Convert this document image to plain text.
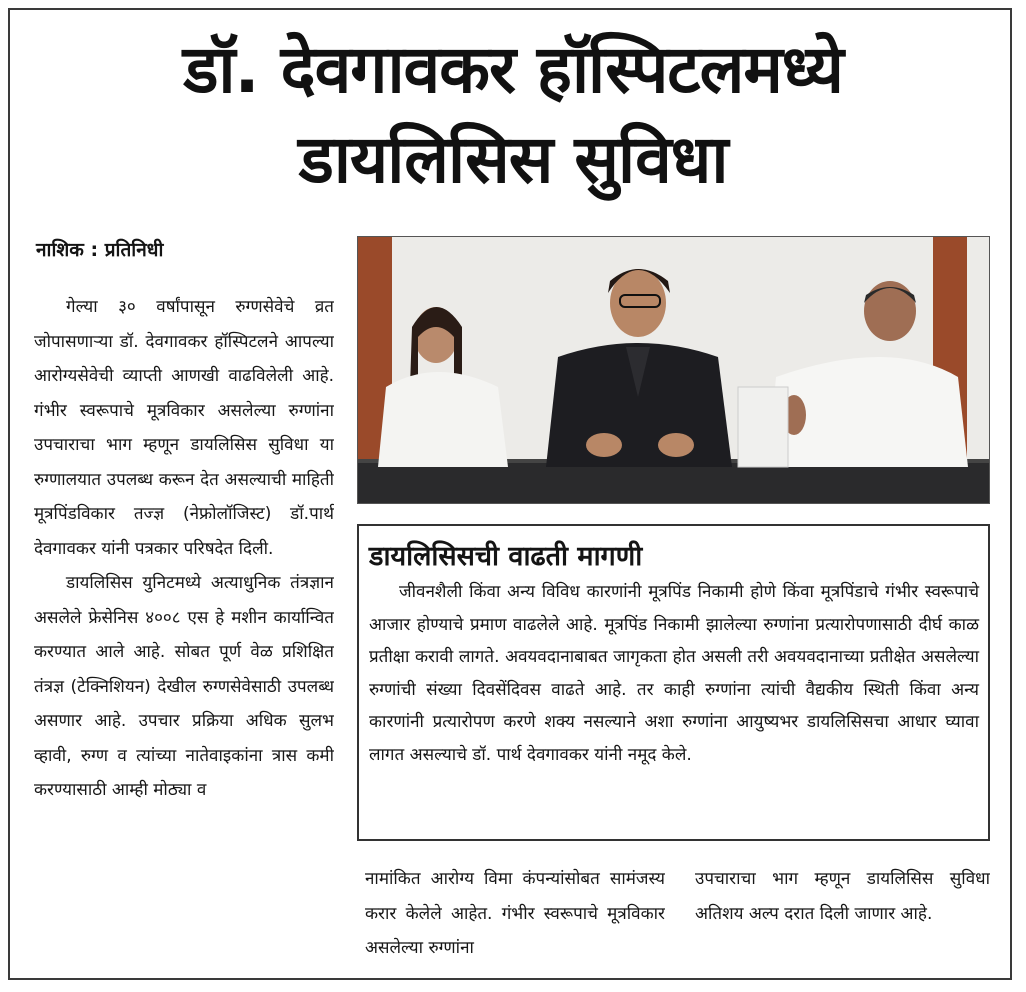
डॉ. देवगावकर हॉस्पिटलमध्ये
डायलिसिस सुविधा
नाशिक : प्रतिनिधी

गेल्या ३० वर्षांपासून रुग्णसेवेचे व्रत जोपासणाऱ्या डॉ. देवगावकर हॉस्पिटलने आपल्या आरोग्यसेवेची व्याप्ती आणखी वाढविलेली आहे. गंभीर स्वरूपाचे मूत्रविकार असलेल्या रुग्णांना उपचाराचा भाग म्हणून डायलिसिस सुविधा या रुग्णालयात उपलब्ध करून देत असल्याची माहिती मूत्रपिंडविकार तज्ज्ञ (नेफ्रोलॉजिस्ट) डॉ.पार्थ देवगावकर यांनी पत्रकार परिषदेत दिली.

डायलिसिस युनिटमध्ये अत्याधुनिक तंत्रज्ञान असलेले फ्रेसेनिस ४००८ एस हे मशीन कार्यान्वित करण्यात आले आहे. सोबत पूर्ण वेळ प्रशिक्षित तंत्रज्ञ (टेक्निशियन) देखील रुग्णसेवेसाठी उपलब्ध असणार आहे. उपचार प्रक्रिया अधिक सुलभ व्हावी, रुग्ण व त्यांच्या नातेवाइकांना त्रास कमी करण्यासाठी आम्ही मोठ्या व

डायलिसिसची वाढती मागणी

जीवनशैली किंवा अन्य विविध कारणांनी मूत्रपिंड निकामी होणे किंवा मूत्रपिंडाचे गंभीर स्वरूपाचे आजार होण्याचे प्रमाण वाढलेले आहे. मूत्रपिंड निकामी झालेल्या रुग्णांना प्रत्यारोपणासाठी दीर्घ काळ प्रतीक्षा करावी लागते. अवयवदानाबाबत जागृकता होत असली तरी अवयवदानाच्या प्रतीक्षेत असलेल्या रुग्णांची संख्या दिवसेंदिवस वाढते आहे. तर काही रुग्णांना त्यांची वैद्यकीय स्थिती किंवा अन्य कारणांनी प्रत्यारोपण करणे शक्य नसल्याने अशा रुग्णांना आयुष्यभर डायलिसिसचा आधार घ्यावा लागत असल्याचे डॉ. पार्थ देवगावकर यांनी नमूद केले.

नामांकित आरोग्य विमा कंपन्यांसोबत सामंजस्य करार केलेले आहेत. गंभीर स्वरूपाचे मूत्रविकार असलेल्या रुग्णांना

उपचाराचा भाग म्हणून डायलिसिस सुविधा अतिशय अल्प दरात दिली जाणार आहे.
